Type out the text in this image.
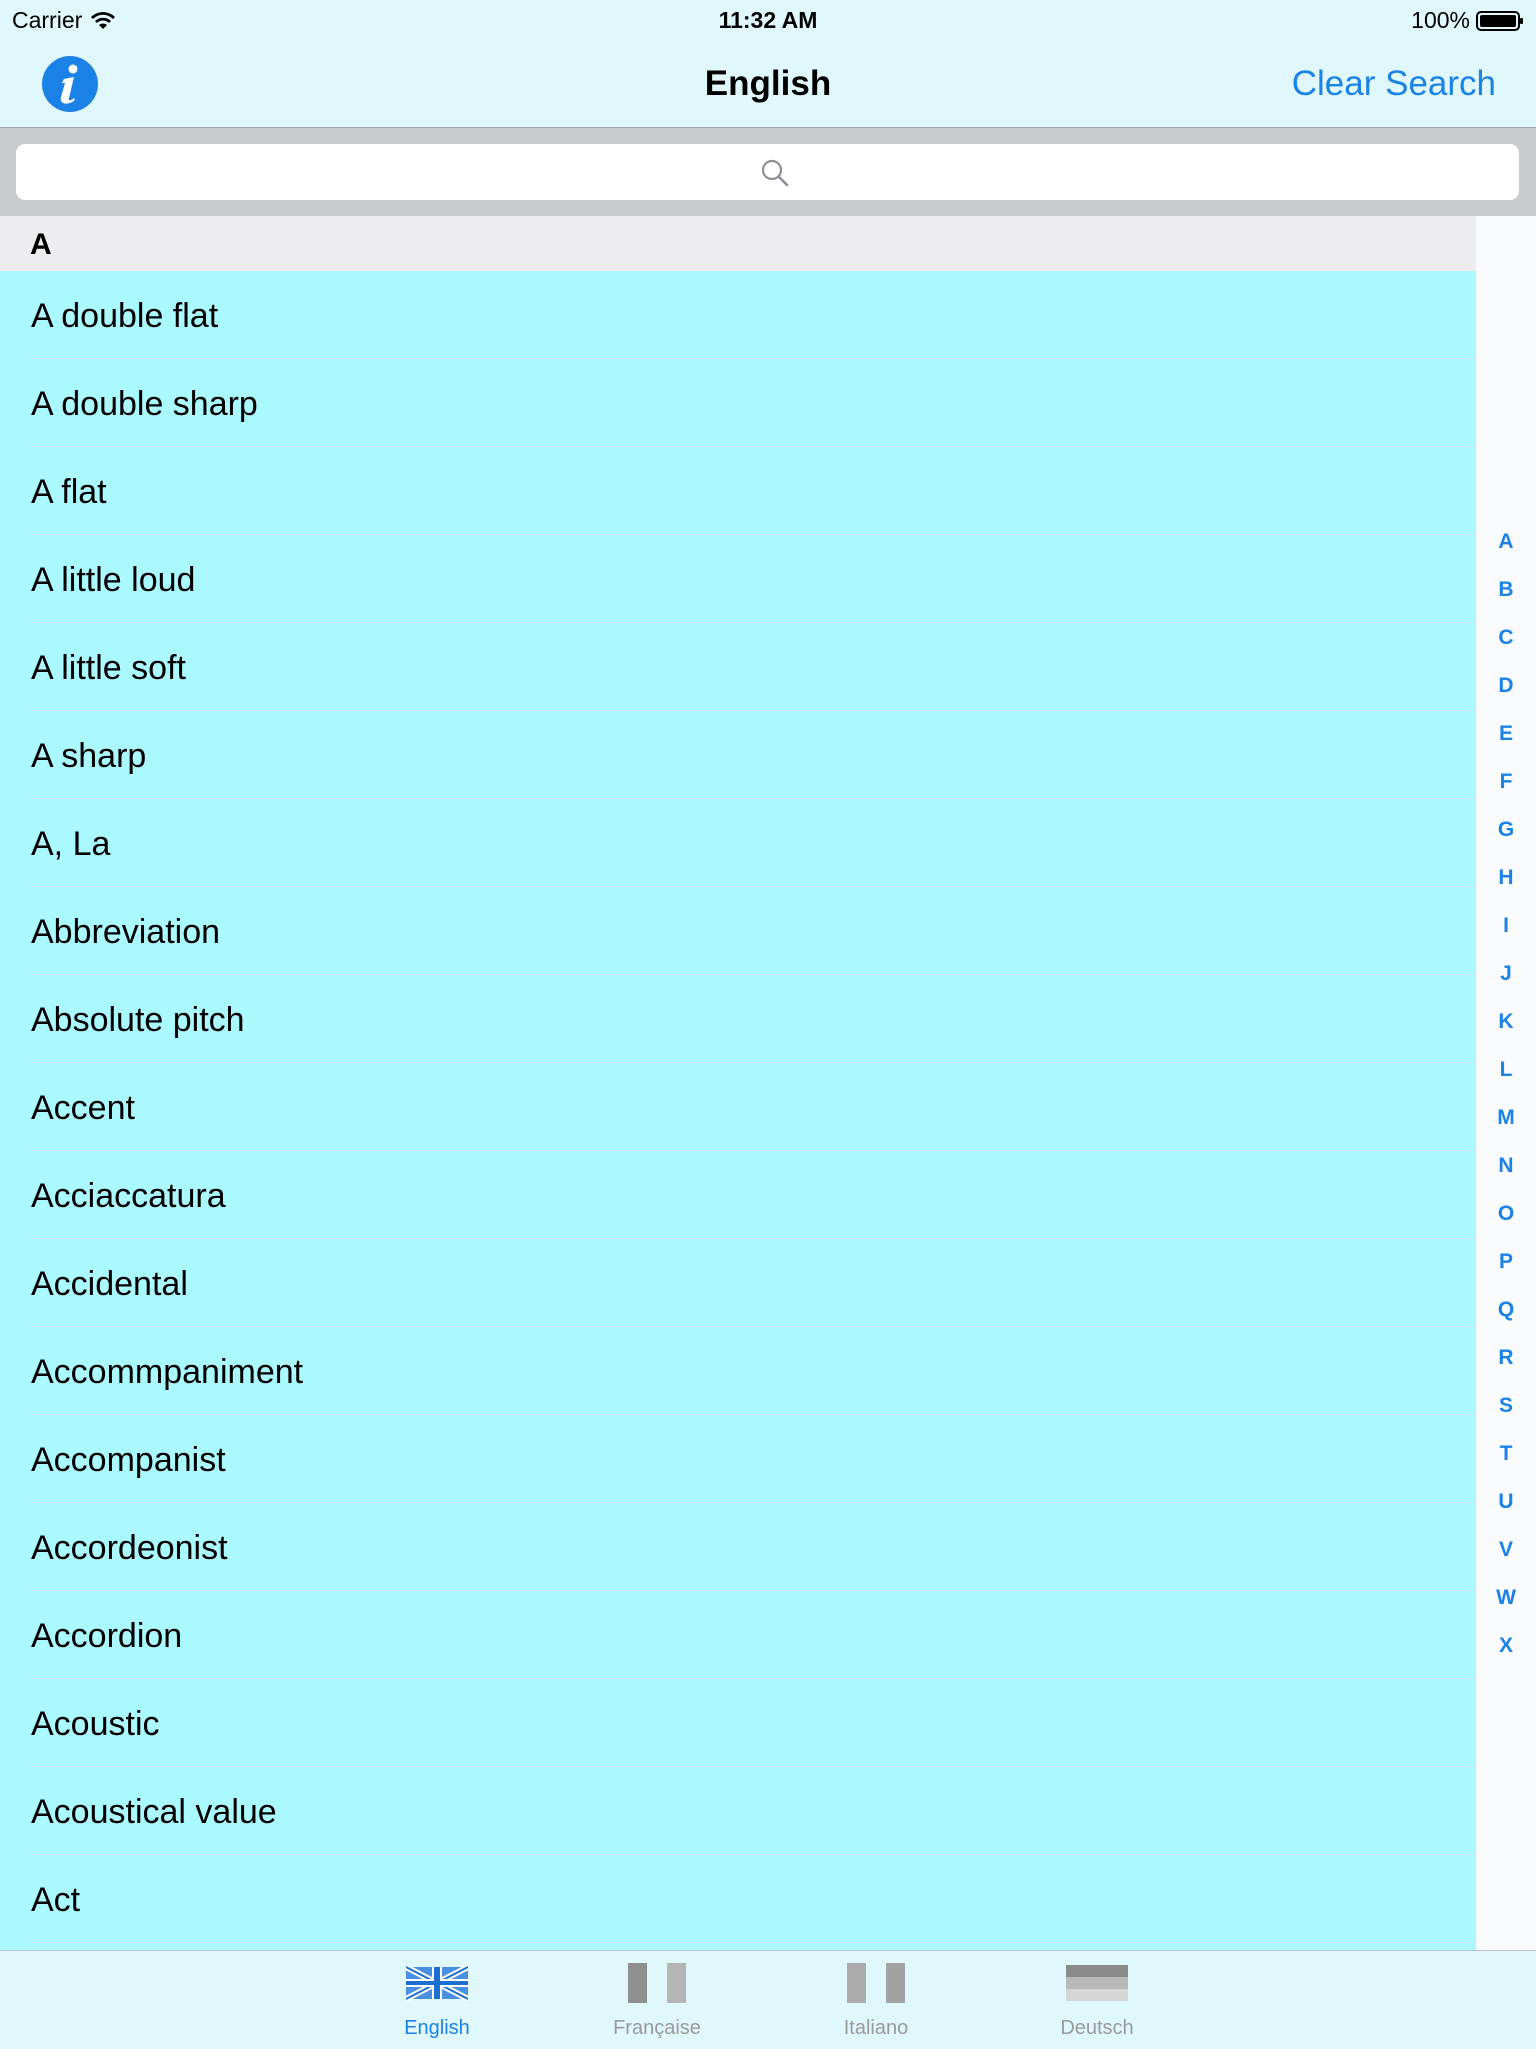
Carrier	11:32 AM	100%
English	Clear Search
A
A double flat
A double sharp
A flat
A little loud
A little soft
A sharp
A, La
Abbreviation
Absolute pitch
Accent
Acciaccatura
Accidental
Accommpaniment
Accompanist
Accordeonist
Accordion
Acoustic
Acoustical value
Act
A
B
C
D
E
F
G
H
I
J
K
L
M
N
O
P
Q
R
S
T
U
V
W
X
English	Française	Italiano	Deutsch
